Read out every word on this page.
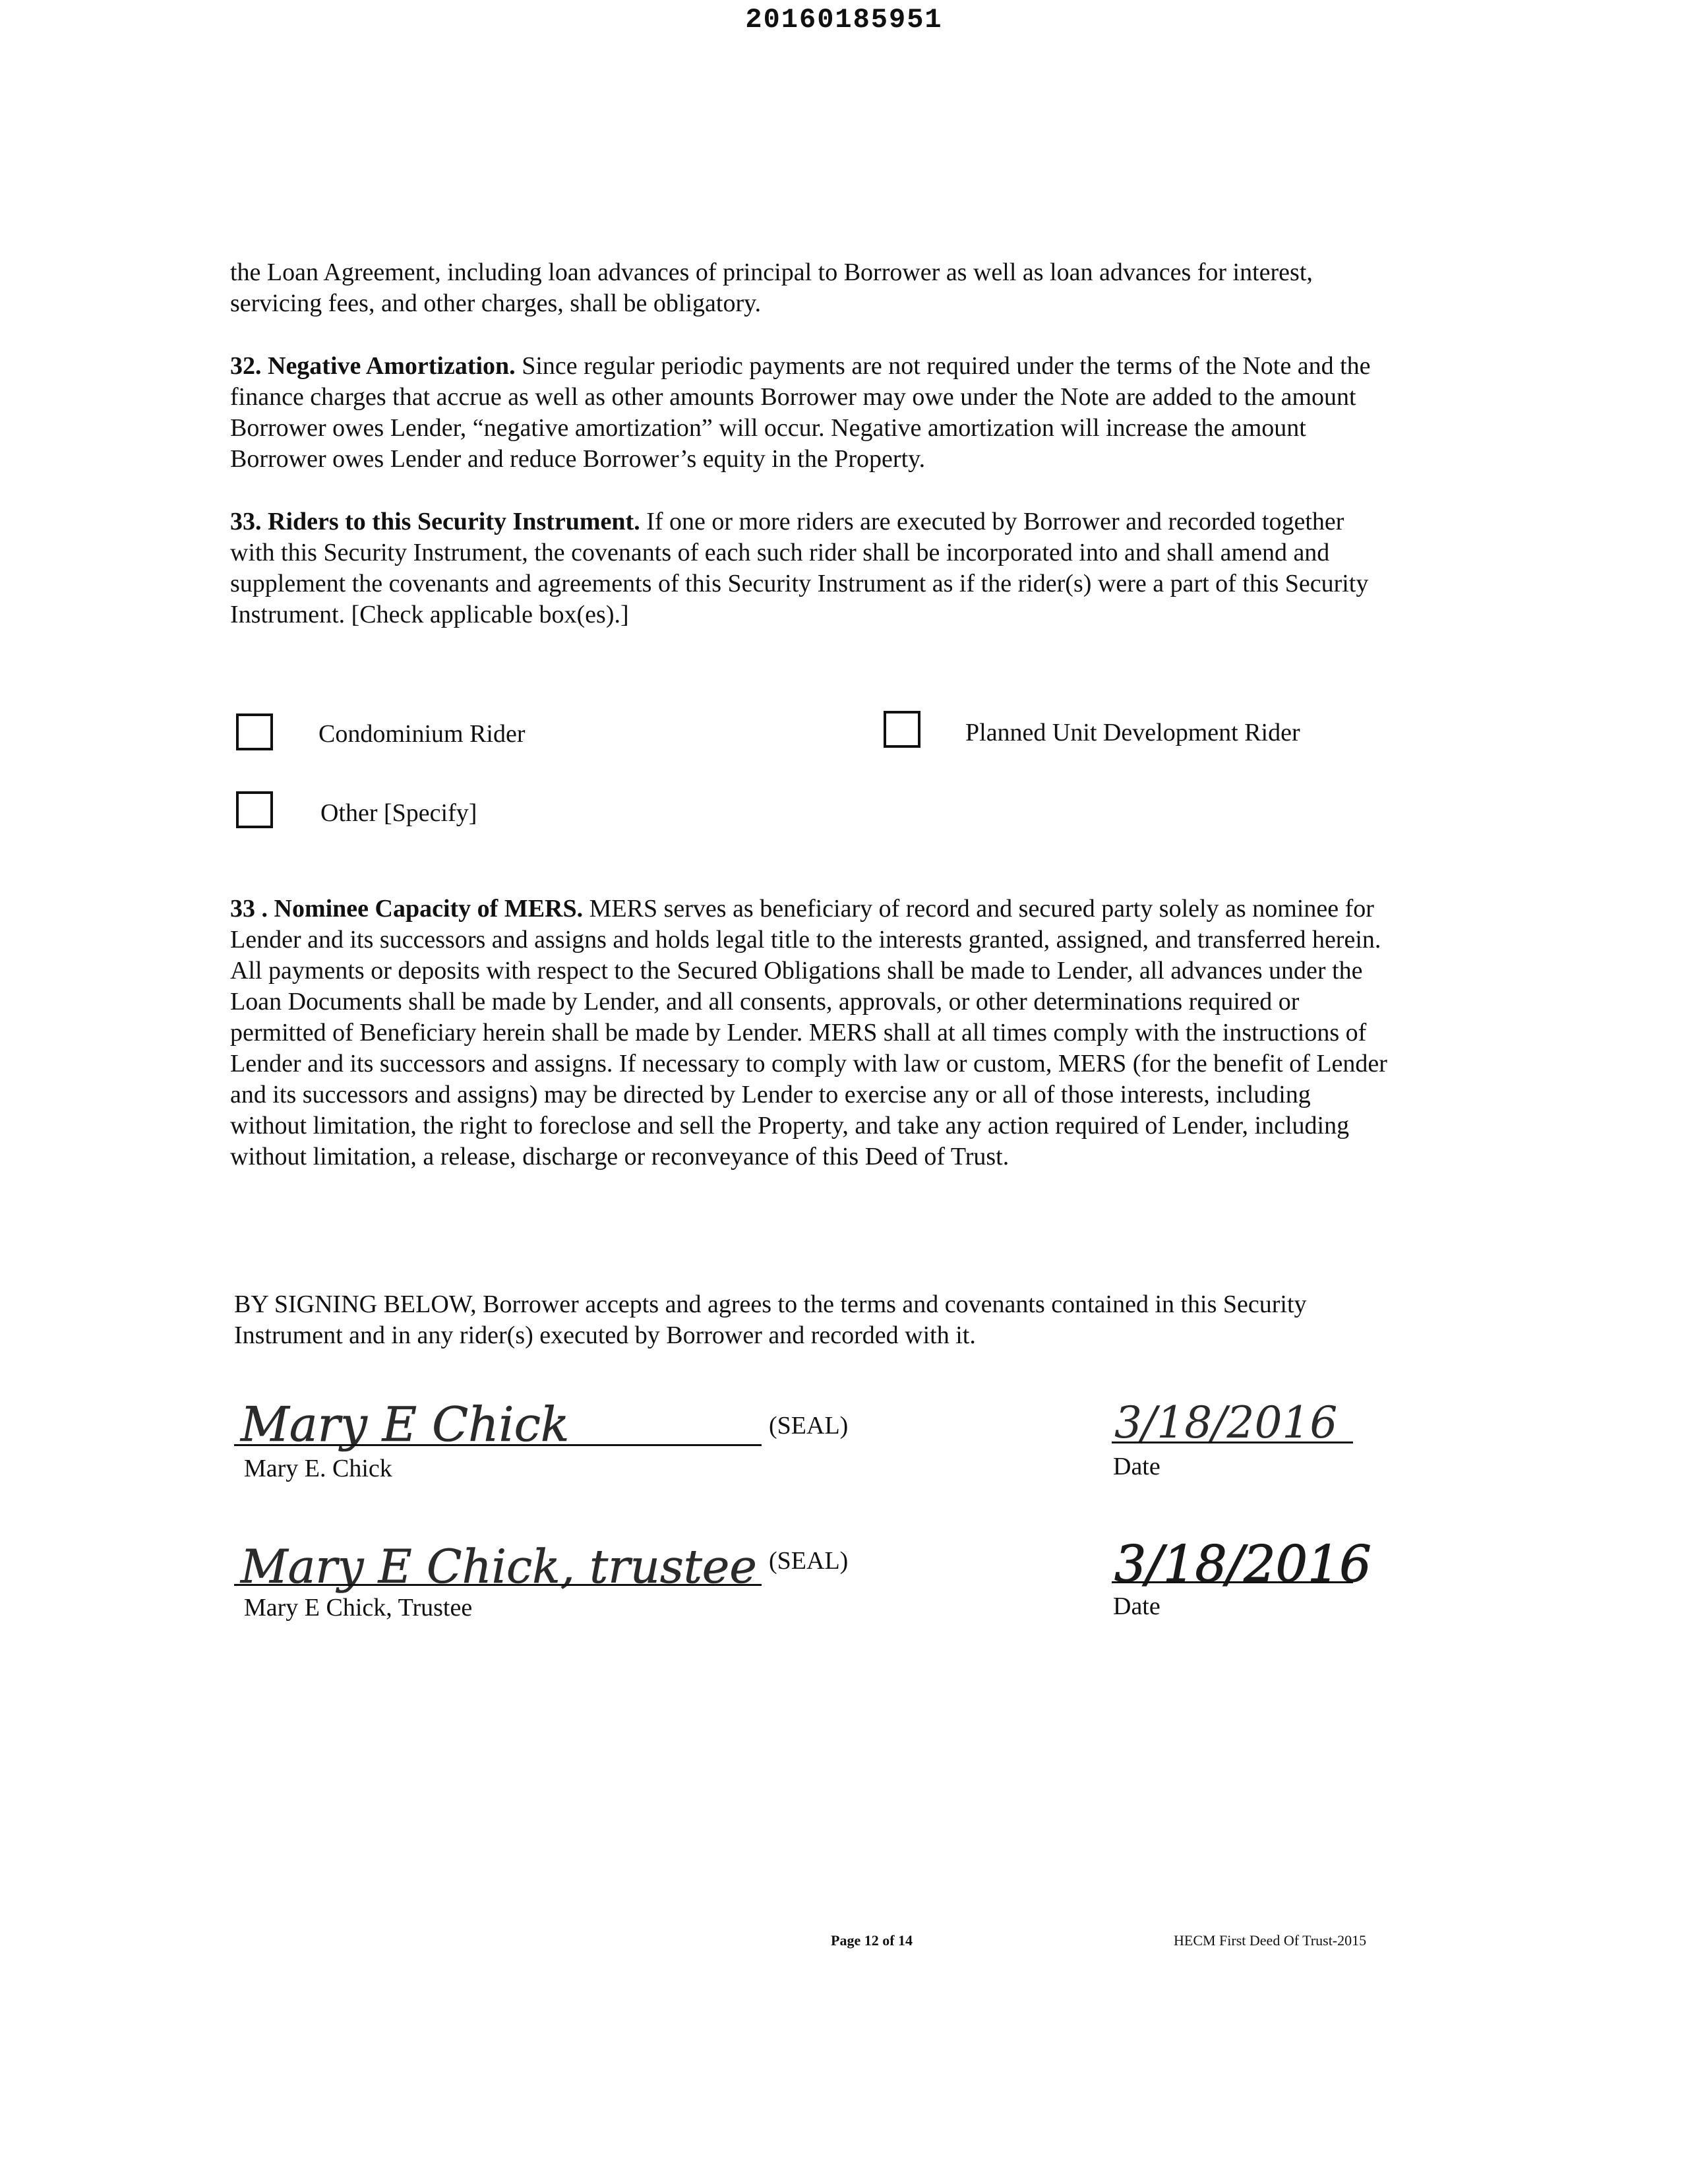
20160185951

the Loan Agreement, including loan advances of principal to Borrower as well as loan advances for interest, servicing fees, and other charges, shall be obligatory.

32. Negative Amortization. Since regular periodic payments are not required under the terms of the Note and the finance charges that accrue as well as other amounts Borrower may owe under the Note are added to the amount Borrower owes Lender, “negative amortization” will occur. Negative amortization will increase the amount Borrower owes Lender and reduce Borrower’s equity in the Property.

33. Riders to this Security Instrument. If one or more riders are executed by Borrower and recorded together with this Security Instrument, the covenants of each such rider shall be incorporated into and shall amend and supplement the covenants and agreements of this Security Instrument as if the rider(s) were a part of this Security Instrument. [Check applicable box(es).]

Condominium Rider	Planned Unit Development Rider
Other [Specify]

33 . Nominee Capacity of MERS. MERS serves as beneficiary of record and secured party solely as nominee for Lender and its successors and assigns and holds legal title to the interests granted, assigned, and transferred herein. All payments or deposits with respect to the Secured Obligations shall be made to Lender, all advances under the Loan Documents shall be made by Lender, and all consents, approvals, or other determinations required or permitted of Beneficiary herein shall be made by Lender. MERS shall at all times comply with the instructions of Lender and its successors and assigns. If necessary to comply with law or custom, MERS (for the benefit of Lender and its successors and assigns) may be directed by Lender to exercise any or all of those interests, including without limitation, the right to foreclose and sell the Property, and take any action required of Lender, including without limitation, a release, discharge or reconveyance of this Deed of Trust.

BY SIGNING BELOW, Borrower accepts and agrees to the terms and covenants contained in this Security Instrument and in any rider(s) executed by Borrower and recorded with it.

Mary E Chick	(SEAL)
Mary E. Chick
3/18/2016
Date
Mary E Chick, trustee (SEAL)
Mary E Chick, Trustee
3/18/2016
Date
Page 12 of 14	HECM First Deed Of Trust-2015
